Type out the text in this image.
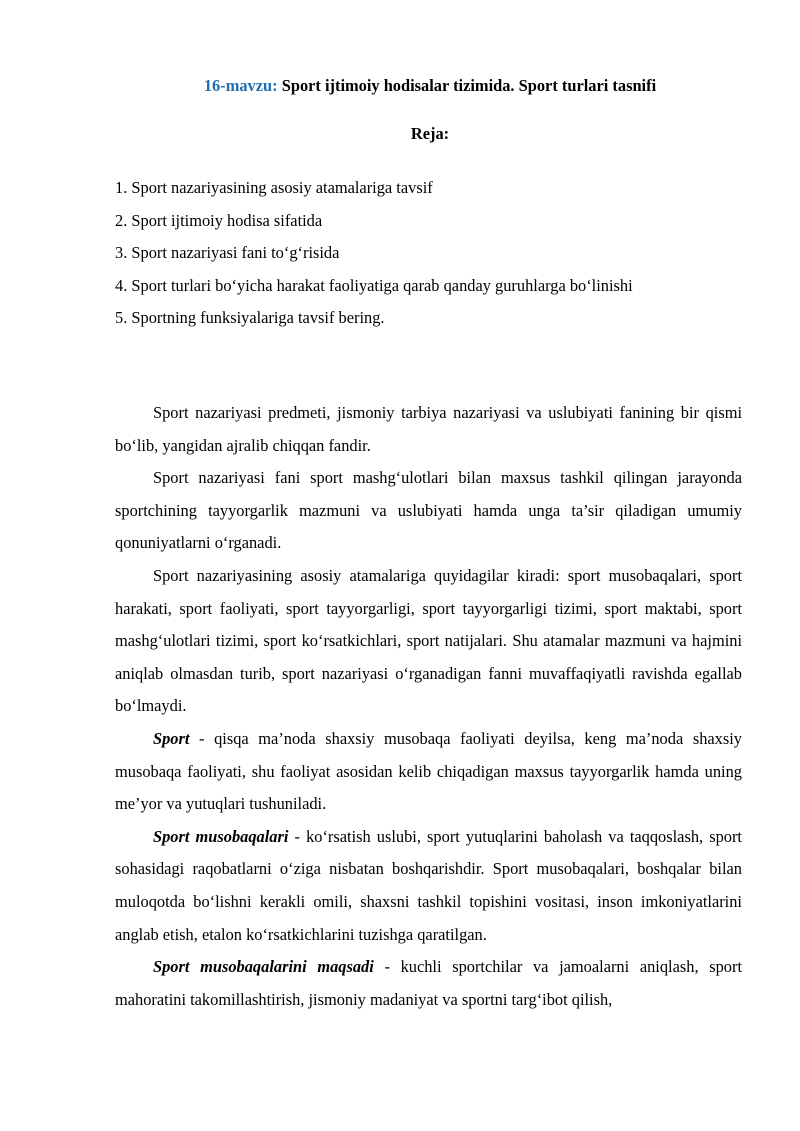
16-mavzu: Sport ijtimoiy hodisalar tizimida. Sport turlari tasnifi
Reja:
1. Sport nazariyasining asosiy atamalariga tavsif
2. Sport ijtimoiy hodisa sifatida
3. Sport nazariyasi fani to‘g‘risida
4. Sport turlari bo‘yicha harakat faoliyatiga qarab qanday guruhlarga bo‘linishi
5. Sportning funksiyalariga tavsif bering.

Sport nazariyasi predmeti, jismoniy tarbiya nazariyasi va uslubiyati fanining bir qismi bo‘lib, yangidan ajralib chiqqan fandir.

Sport nazariyasi fani sport mashg‘ulotlari bilan maxsus tashkil qilingan jarayonda sportchining tayyorgarlik mazmuni va uslubiyati hamda unga ta’sir qiladigan umumiy qonuniyatlarni o‘rganadi.

Sport nazariyasining asosiy atamalariga quyidagilar kiradi: sport musobaqalari, sport harakati, sport faoliyati, sport tayyorgarligi, sport tayyorgarligi tizimi, sport maktabi, sport mashg‘ulotlari tizimi, sport ko‘rsatkichlari, sport natijalari. Shu atamalar mazmuni va hajmini aniqlab olmasdan turib, sport nazariyasi o‘rganadigan fanni muvaffaqiyatli ravishda egallab bo‘lmaydi.

Sport - qisqa ma’noda shaxsiy musobaqa faoliyati deyilsa, keng ma’noda shaxsiy musobaqa faoliyati, shu faoliyat asosidan kelib chiqadigan maxsus tayyorgarlik hamda uning me’yor va yutuqlari tushuniladi.

Sport musobaqalari - ko‘rsatish uslubi, sport yutuqlarini baholash va taqqoslash, sport sohasidagi raqobatlarni o‘ziga nisbatan boshqarishdir. Sport musobaqalari, boshqalar bilan muloqotda bo‘lishni kerakli omili, shaxsni tashkil topishini vositasi, inson imkoniyatlarini anglab etish, etalon ko‘rsatkichlarini tuzishga qaratilgan.

Sport musobaqalarini maqsadi - kuchli sportchilar va jamoalarni aniqlash, sport mahoratini takomillashtirish, jismoniy madaniyat va sportni targ‘ibot qilish,
